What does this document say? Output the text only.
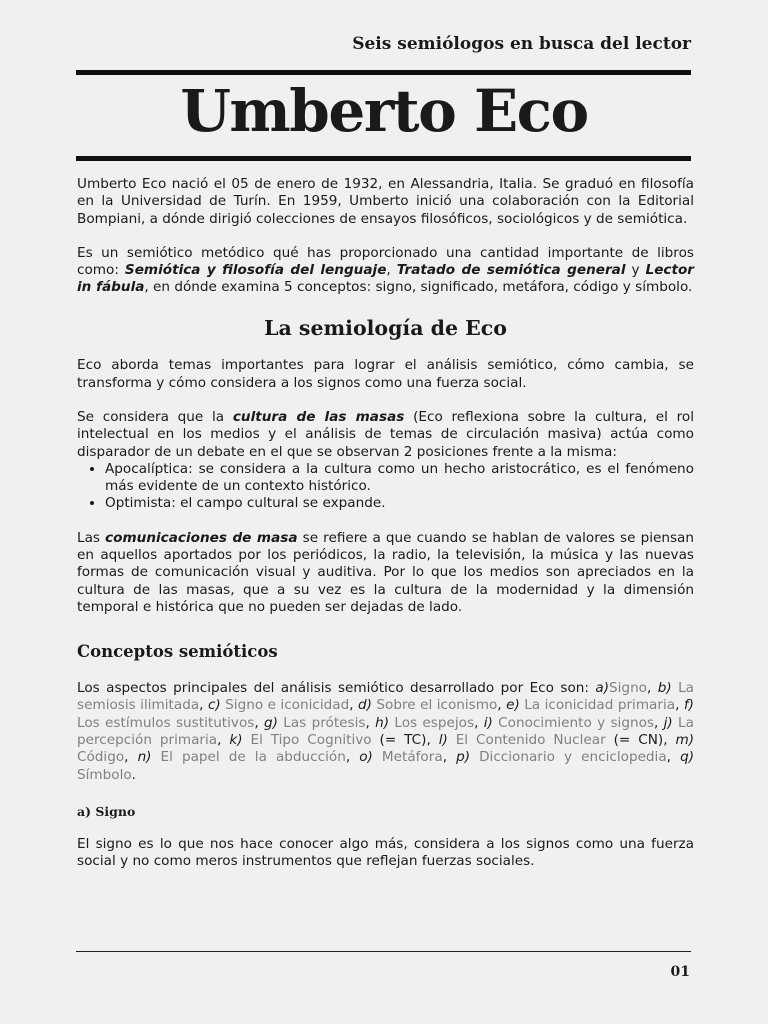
Seis semiólogos en busca del lector
Umberto Eco

Umberto Eco nació el 05 de enero de 1932, en Alessandria, Italia. Se graduó en filosofía en la Universidad de Turín. En 1959, Umberto inició una colaboración con la Editorial Bompiani, a dónde dirigió colecciones de ensayos filosóficos, sociológicos y de semiótica.

Es un semiótico metódico qué has proporcionado una cantidad importante de libros como: Semiótica y filosofía del lenguaje, Tratado de semiótica general y Lector in fábula, en dónde examina 5 conceptos: signo, significado, metáfora, código y símbolo.

La semiología de Eco

Eco aborda temas importantes para lograr el análisis semiótico, cómo cambia, se transforma y cómo considera a los signos como una fuerza social.

Se considera que la cultura de las masas (Eco reflexiona sobre la cultura, el rol intelectual en los medios y el análisis de temas de circulación masiva) actúa como disparador de un debate en el que se observan 2 posiciones frente a la misma:

• Apocalíptica: se considera a la cultura como un hecho aristocrático, es el fenómeno más evidente de un contexto histórico.
• Optimista: el campo cultural se expande.

Las comunicaciones de masa se refiere a que cuando se hablan de valores se piensan en aquellos aportados por los periódicos, la radio, la televisión, la música y las nuevas formas de comunicación visual y auditiva. Por lo que los medios son apreciados en la cultura de las masas, que a su vez es la cultura de la modernidad y la dimensión temporal e histórica que no pueden ser dejadas de lado.

Conceptos semióticos

Los aspectos principales del análisis semiótico desarrollado por Eco son: a)Signo, b) La semiosis ilimitada, c) Signo e iconicidad, d) Sobre el iconismo, e) La iconicidad primaria, f) Los estímulos sustitutivos, g) Las prótesis, h) Los espejos, i) Conocimiento y signos, j) La percepción primaria, k) El Tipo Cognitivo (= TC), l) El Contenido Nuclear (= CN), m) Código, n) El papel de la abducción, o) Metáfora, p) Diccionario y enciclopedia, q) Símbolo.

a) Signo

El signo es lo que nos hace conocer algo más, considera a los signos como una fuerza social y no como meros instrumentos que reflejan fuerzas sociales.

01
